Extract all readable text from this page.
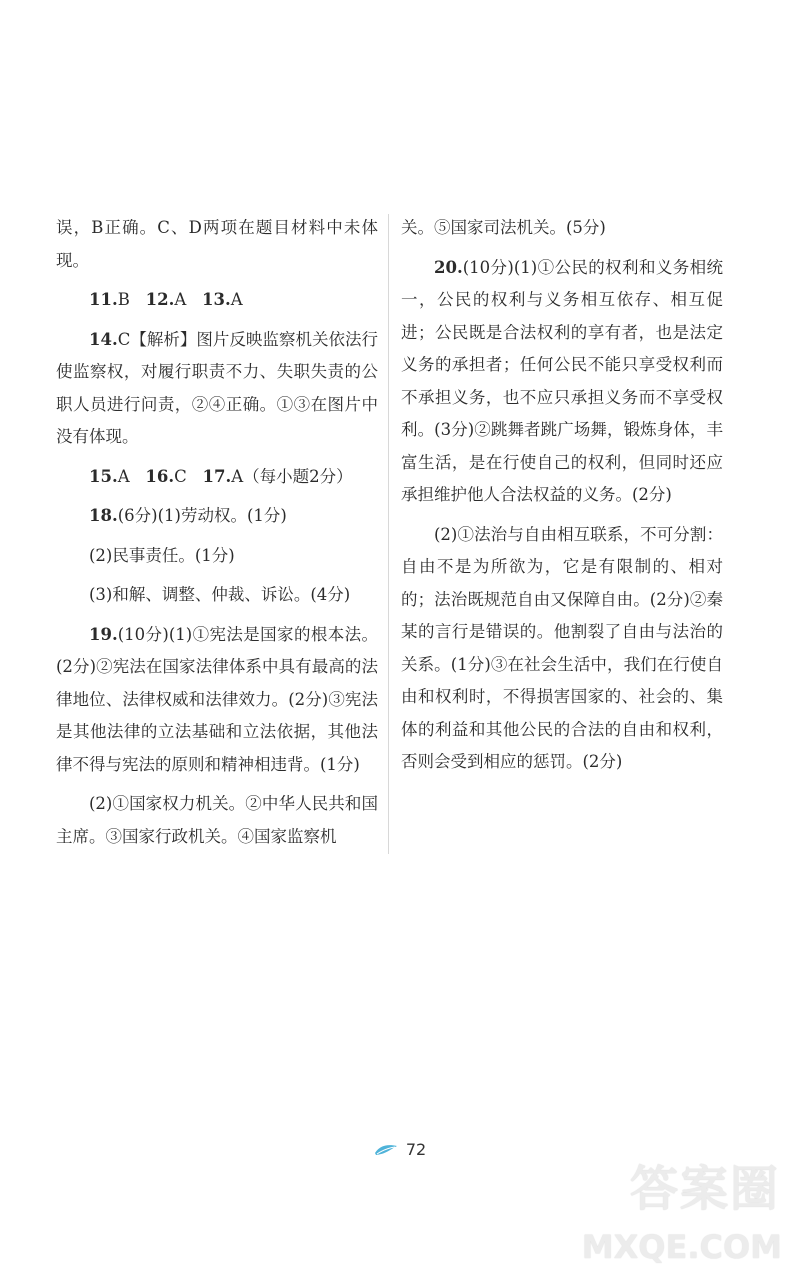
误，B正确。C、D两项在题目材料中未体现。

11.B 12.A 13.A

14.C【解析】图片反映监察机关依法行使监察权，对履行职责不力、失职失责的公职人员进行问责，②④正确。①③在图片中没有体现。

15.A 16.C 17.A（每小题2分）

18.(6分)(1)劳动权。(1分)

(2)民事责任。(1分)

(3)和解、调整、仲裁、诉讼。(4分)

19.(10分)(1)①宪法是国家的根本法。(2分)②宪法在国家法律体系中具有最高的法律地位、法律权威和法律效力。(2分)③宪法是其他法律的立法基础和立法依据，其他法律不得与宪法的原则和精神相违背。(1分)

(2)①国家权力机关。②中华人民共和国主席。③国家行政机关。④国家监察机

关。⑤国家司法机关。(5分)

20.(10分)(1)①公民的权利和义务相统一，公民的权利与义务相互依存、相互促进；公民既是合法权利的享有者，也是法定义务的承担者；任何公民不能只享受权利而不承担义务，也不应只承担义务而不享受权利。(3分)②跳舞者跳广场舞，锻炼身体，丰富生活，是在行使自己的权利，但同时还应承担维护他人合法权益的义务。(2分)

(2)①法治与自由相互联系，不可分割：自由不是为所欲为，它是有限制的、相对的；法治既规范自由又保障自由。(2分)②秦某的言行是错误的。他割裂了自由与法治的关系。(1分)③在社会生活中，我们在行使自由和权利时，不得损害国家的、社会的、集体的利益和其他公民的合法的自由和权利，否则会受到相应的惩罚。(2分)

72
答案圈
MXQE.COM
